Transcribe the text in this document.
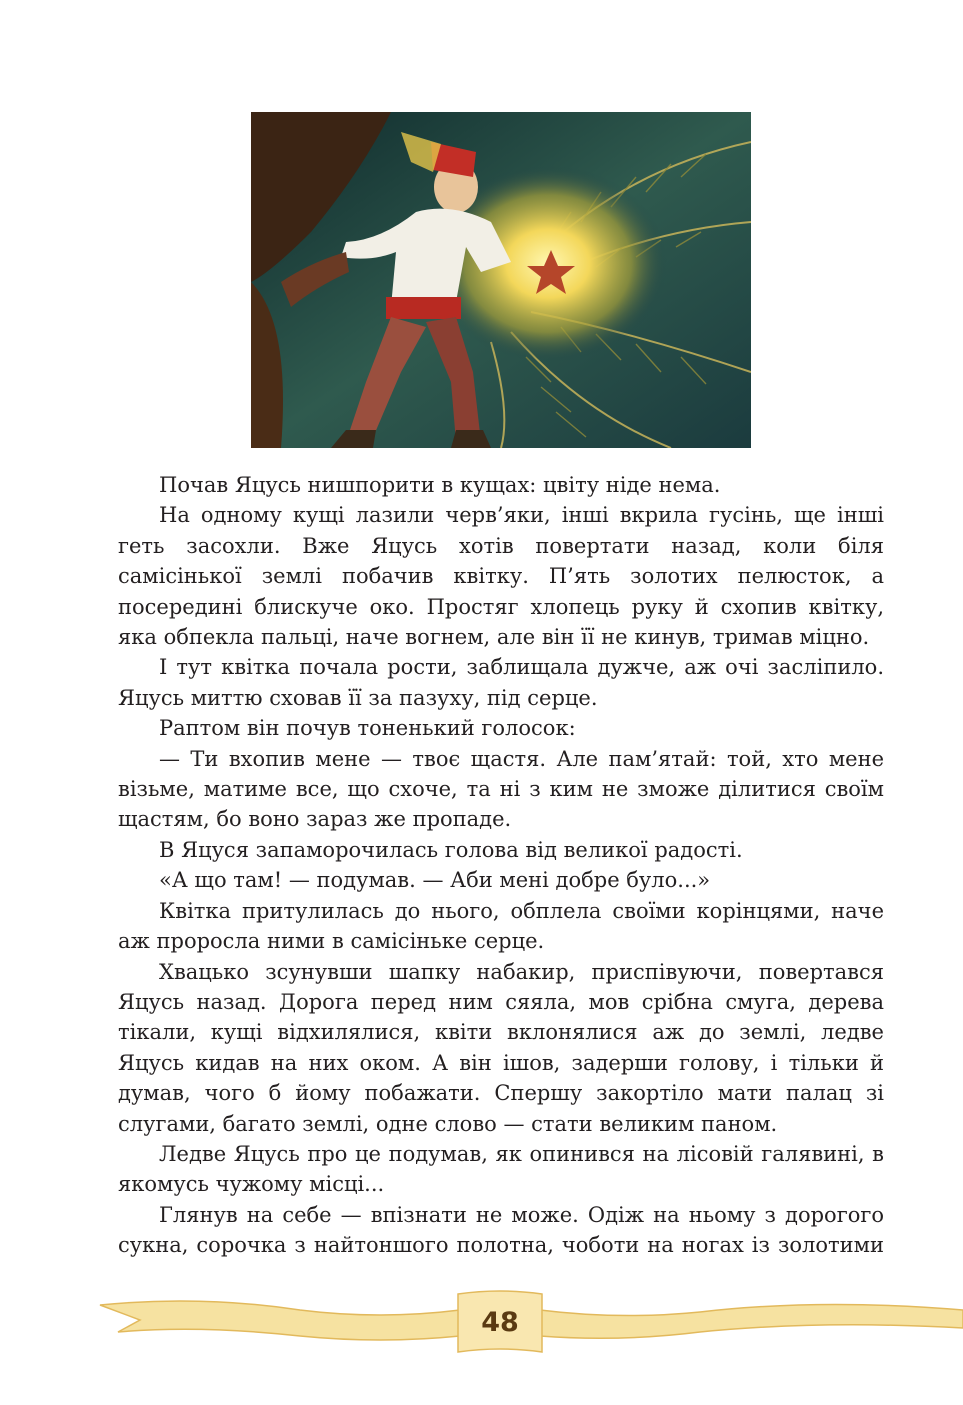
Почав Яцусь нишпорити в кущах: цвіту ніде нема.

На одному кущі лазили черв’яки, інші вкрила гусінь, ще інші геть засохли. Вже Яцусь хотів повертати назад, коли біля самісінької землі побачив квітку. П’ять золотих пелюсток, а посередині блискуче око. Простяг хлопець руку й схопив квітку, яка обпекла пальці, наче вогнем, але він її не кинув, тримав міцно.

І тут квітка почала рости, заблищала дужче, аж очі засліпило. Яцусь миттю сховав її за пазуху, під серце.

Раптом він почув тоненький голосок:

— Ти вхопив мене — твоє щастя. Але пам’ятай: той, хто мене візьме, матиме все, що схоче, та ні з ким не зможе ділитися своїм щастям, бо воно зараз же пропаде.

В Яцуся запаморочилась голова від великої радості.

«А що там! — подумав. — Аби мені добре було...»

Квітка притулилась до нього, обплела своїми корінцями, наче аж проросла ними в самісіньке серце.

Хвацько зсунувши шапку набакир, приспівуючи, повертався Яцусь назад. Дорога перед ним сяяла, мов срібна смуга, дерева тікали, кущі відхилялися, квіти вклонялися аж до землі, ледве Яцусь кидав на них оком. А він ішов, задерши голову, і тільки й думав, чого б йому побажати. Спершу закортіло мати палац зі слугами, багато землі, одне слово — стати великим паном.

Ледве Яцусь про це подумав, як опинився на лісовій галявині, в якомусь чужому місці...

Глянув на себе — впізнати не може. Одіж на ньому з дорогого сукна, сорочка з найтоншого полотна, чоботи на ногах із золотими

48
